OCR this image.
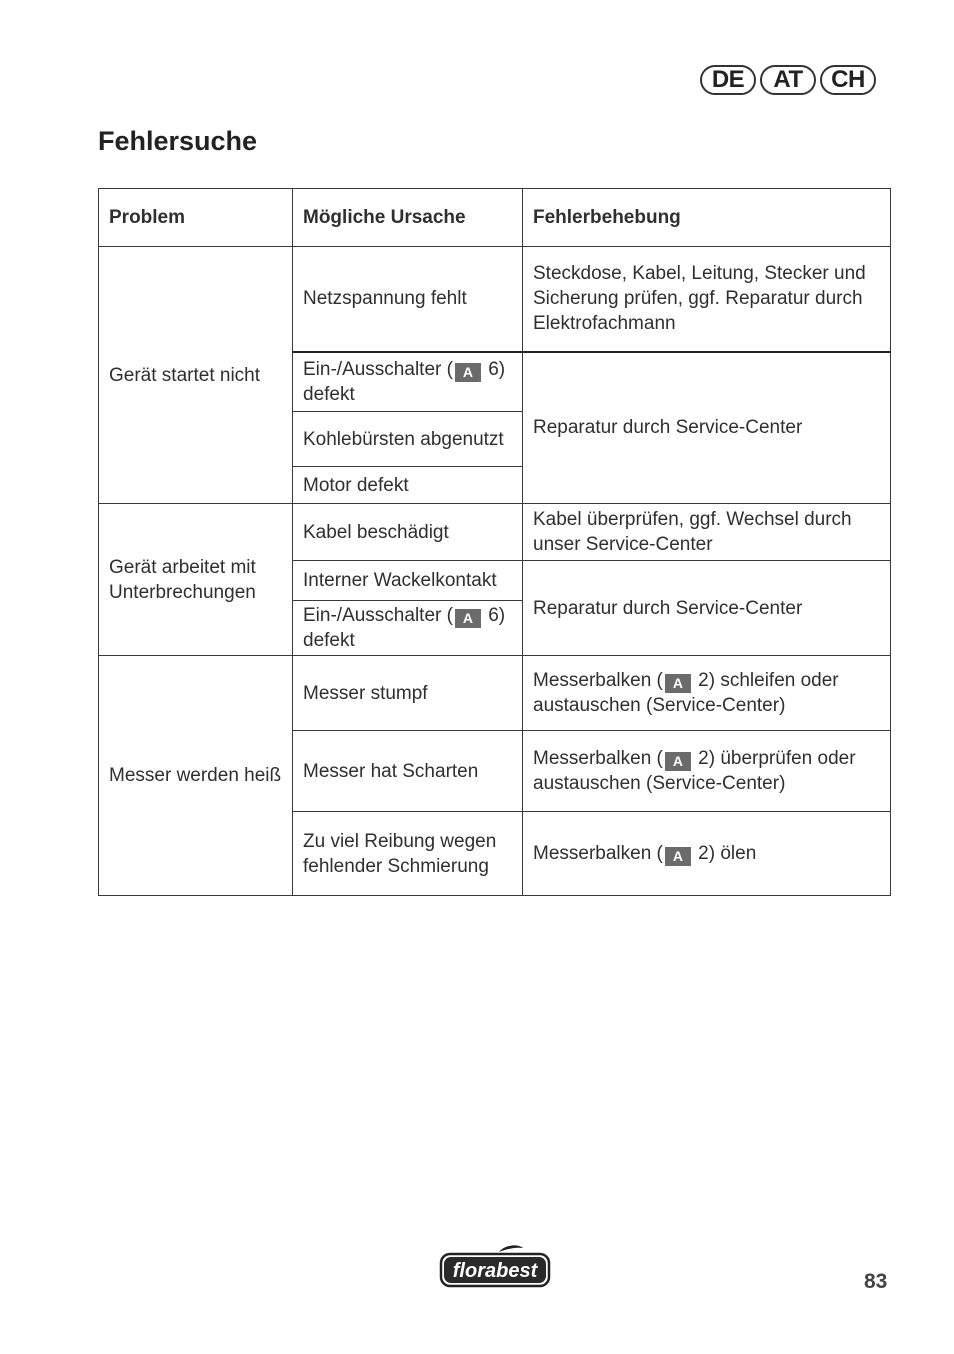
DE	AT	CH
Fehlersuche
Problem	Mögliche Ursache	Fehlerbehebung
Gerät startet nicht	Netzspannung fehlt	Steckdose, Kabel, Leitung, Stecker und Sicherung prüfen, ggf. Reparatur durch Elektrofachmann
	Ein-/Ausschalter ( A 6) defekt	Reparatur durch Service-Center
	Kohlebürsten abgenutzt	
	Motor defekt	
Gerät arbeitet mit Unterbrechungen	Kabel beschädigt	Kabel überprüfen, ggf. Wechsel durch unser Service-Center
	Interner Wackelkontakt	Reparatur durch Service-Center
	Ein-/Ausschalter ( A 6) defekt	
Messer werden heiß	Messer stumpf	Messerbalken ( A 2) schleifen oder austauschen (Service-Center)
	Messer hat Scharten	Messerbalken ( A 2) überprüfen oder austauschen (Service-Center)
	Zu viel Reibung wegen fehlender Schmierung	Messerbalken ( A 2) ölen
florabest	83
